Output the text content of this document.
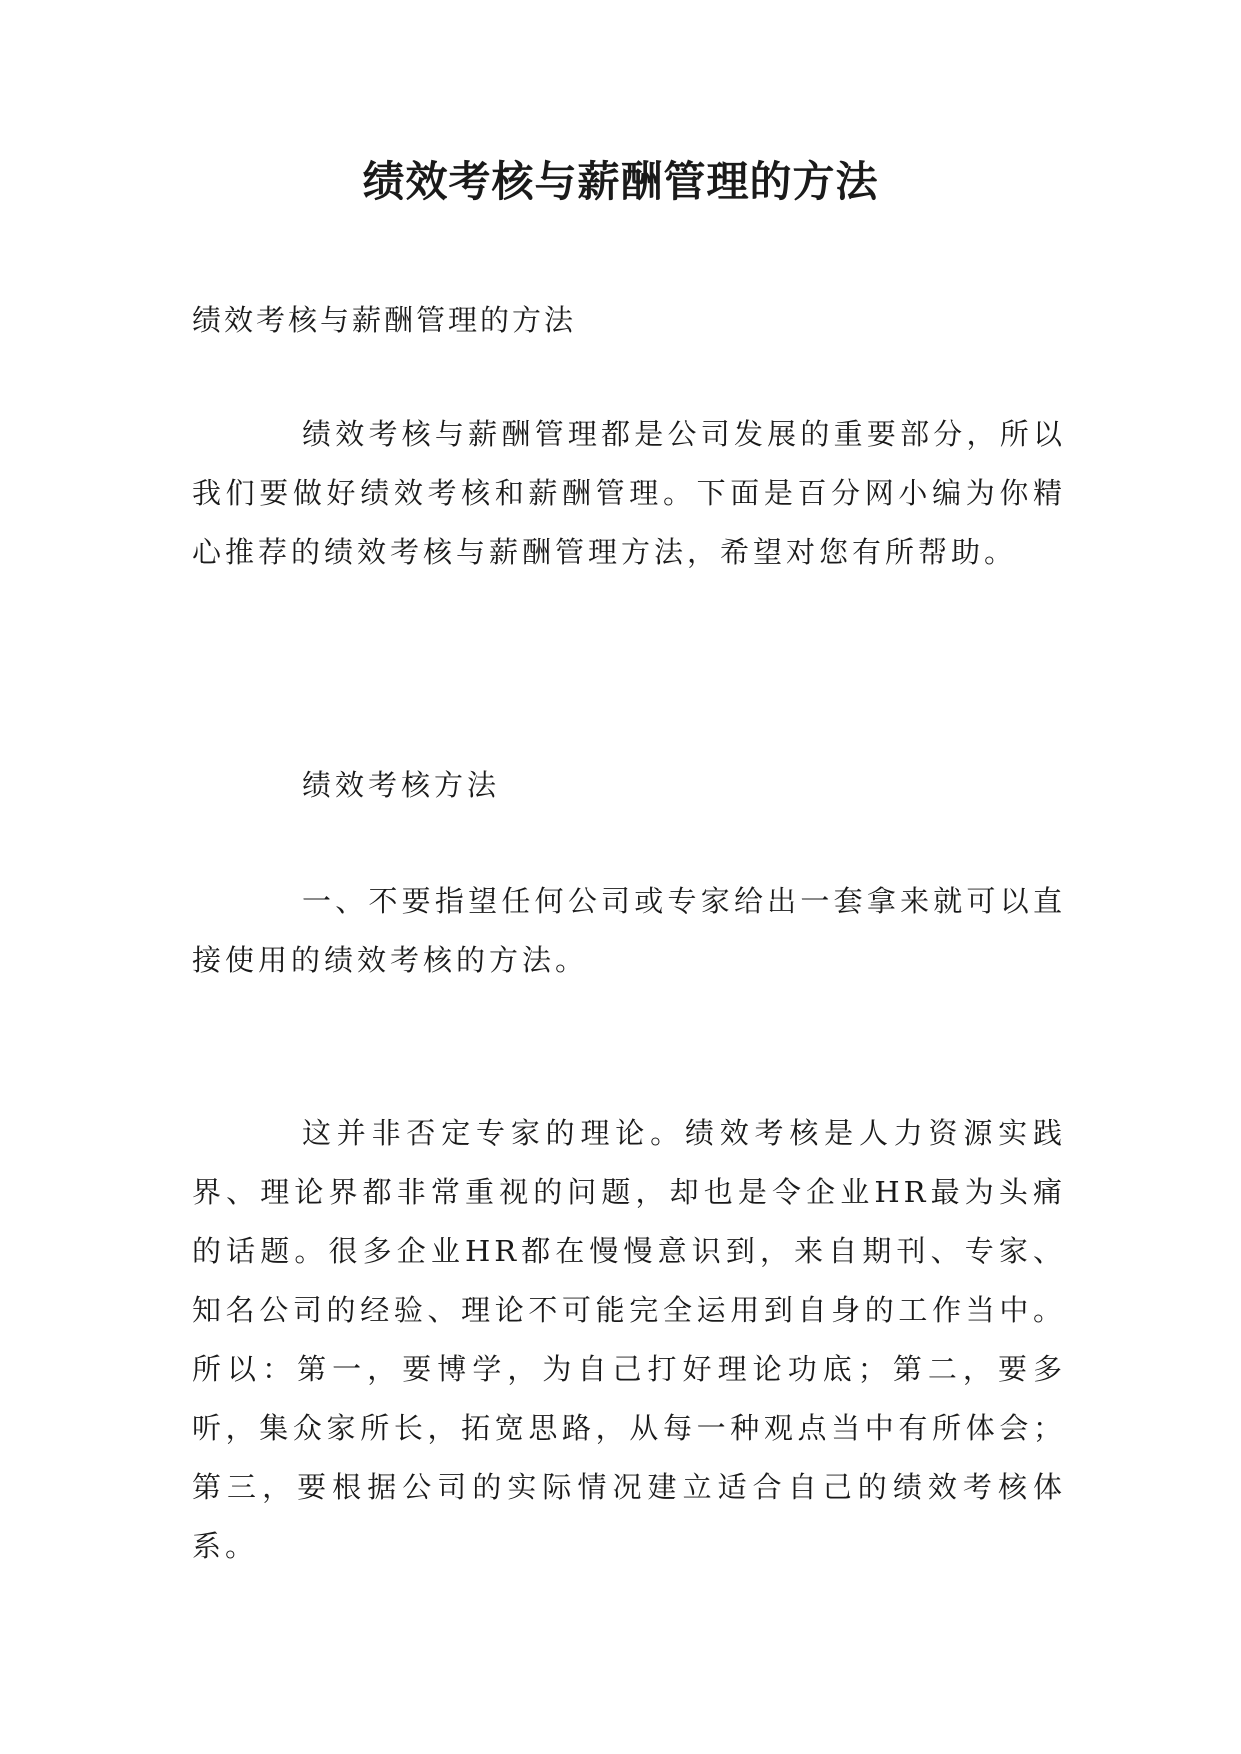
绩效考核与薪酬管理的方法

绩效考核与薪酬管理的方法

绩效考核与薪酬管理都是公司发展的重要部分，所以我们要做好绩效考核和薪酬管理。下面是百分网小编为你精心推荐的绩效考核与薪酬管理方法，希望对您有所帮助。

绩效考核方法

一、不要指望任何公司或专家给出一套拿来就可以直接使用的绩效考核的方法。

这并非否定专家的理论。绩效考核是人力资源实践界、理论界都非常重视的问题，却也是令企业HR最为头痛的话题。很多企业HR都在慢慢意识到，来自期刊、专家、知名公司的经验、理论不可能完全运用到自身的工作当中。所以：第一，要博学，为自己打好理论功底；第二，要多听，集众家所长，拓宽思路，从每一种观点当中有所体会；第三，要根据公司的实际情况建立适合自己的绩效考核体系。
